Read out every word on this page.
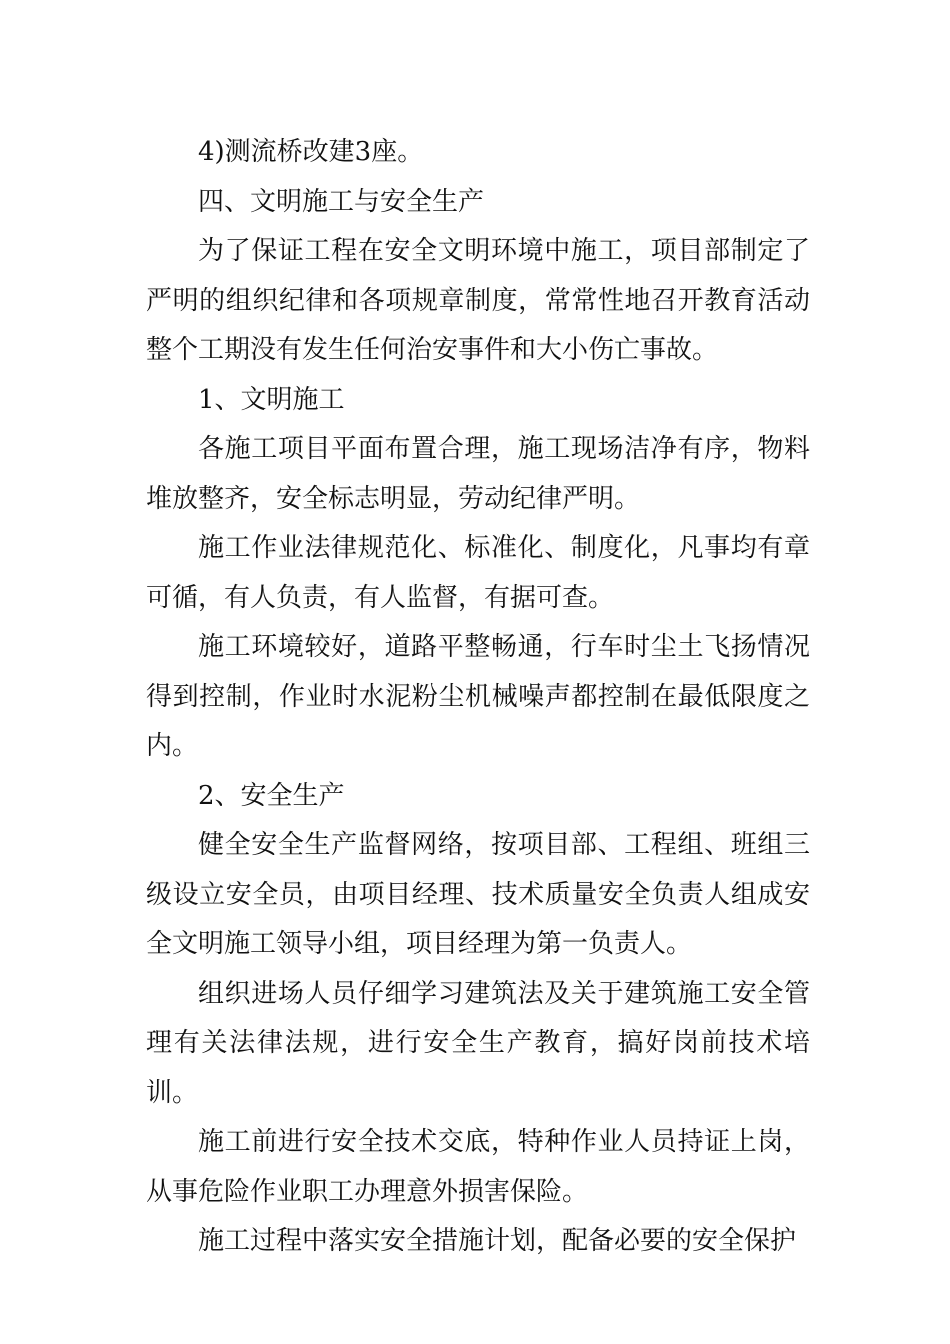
4)测流桥改建3座。

四、文明施工与安全生产

为了保证工程在安全文明环境中施工，项目部制定了严明的组织纪律和各项规章制度，常常性地召开教育活动整个工期没有发生任何治安事件和大小伤亡事故。

1、文明施工

各施工项目平面布置合理，施工现场洁净有序，物料堆放整齐，安全标志明显，劳动纪律严明。

施工作业法律规范化、标准化、制度化，凡事均有章可循，有人负责，有人监督，有据可查。

施工环境较好，道路平整畅通，行车时尘土飞扬情况得到控制，作业时水泥粉尘机械噪声都控制在最低限度之内。

2、安全生产

健全安全生产监督网络，按项目部、工程组、班组三级设立安全员，由项目经理、技术质量安全负责人组成安全文明施工领导小组，项目经理为第一负责人。

组织进场人员仔细学习建筑法及关于建筑施工安全管理有关法律法规，进行安全生产教育，搞好岗前技术培训。

施工前进行安全技术交底，特种作业人员持证上岗，从事危险作业职工办理意外损害保险。

施工过程中落实安全措施计划，配备必要的安全保护
